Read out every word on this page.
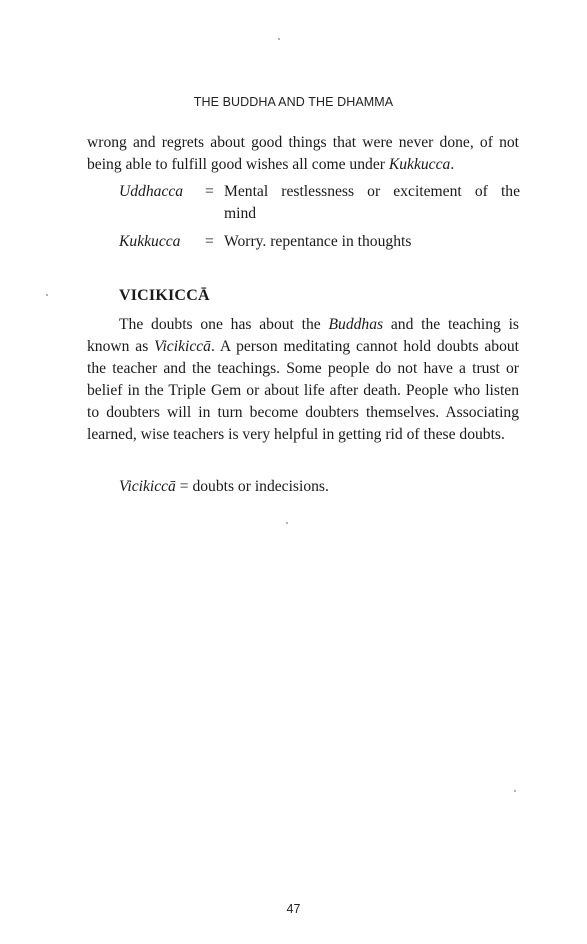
THE BUDDHA AND THE DHAMMA

wrong and regrets about good things that were never done, of not being able to fulfill good wishes all come under Kukkucca.

Uddhacca = Mental restlessness or excitement of the
mind
Kukkucca = Worry. repentance in thoughts
VICIKICCĀ

The doubts one has about the Buddhas and the teaching is known as Vicikiccā. A person meditating cannot hold doubts about the teacher and the teachings. Some people do not have a trust or belief in the Triple Gem or about life after death. People who listen to doubters will in turn become doubters themselves. Associating learned, wise teachers is very helpful in getting rid of these doubts.

Vicikiccā = doubts or indecisions.
47
